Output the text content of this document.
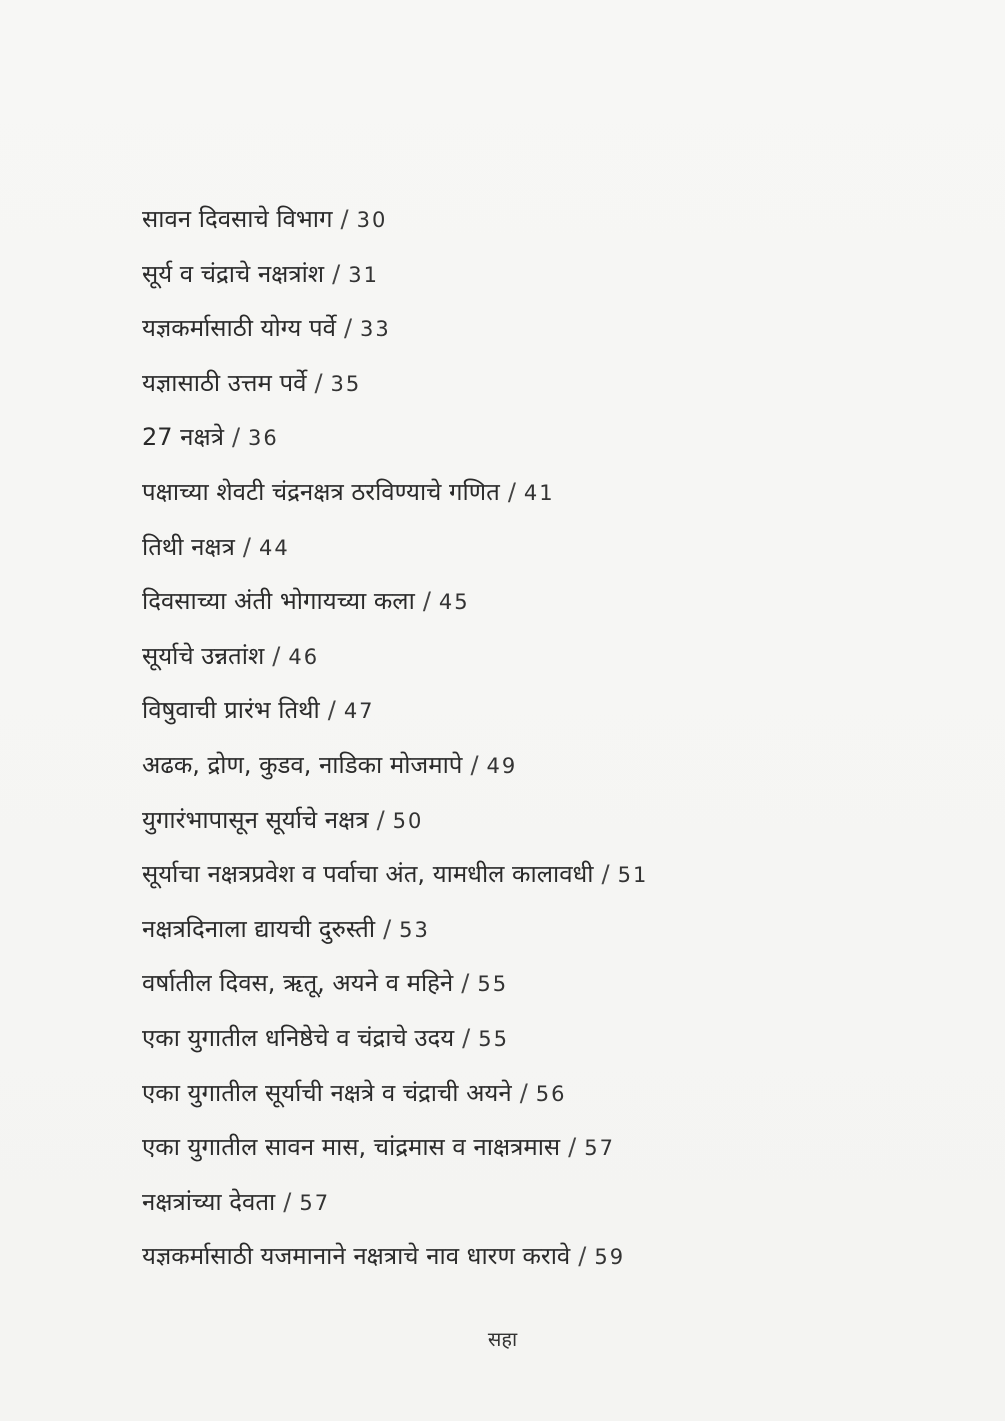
सावन दिवसाचे विभाग / 30
सूर्य व चंद्राचे नक्षत्रांश / 31
यज्ञकर्मासाठी योग्य पर्वे / 33
यज्ञासाठी उत्तम पर्वे / 35
27 नक्षत्रे / 36
पक्षाच्या शेवटी चंद्रनक्षत्र ठरविण्याचे गणित / 41
तिथी नक्षत्र / 44
दिवसाच्या अंती भोगायच्या कला / 45
सूर्याचे उन्नतांश / 46
विषुवाची प्रारंभ तिथी / 47
अढक, द्रोण, कुडव, नाडिका मोजमापे / 49
युगारंभापासून सूर्याचे नक्षत्र / 50
सूर्याचा नक्षत्रप्रवेश व पर्वाचा अंत, यामधील कालावधी / 51
नक्षत्रदिनाला द्यायची दुरुस्ती / 53
वर्षातील दिवस, ऋतू, अयने व महिने / 55
एका युगातील धनिष्ठेचे व चंद्राचे उदय / 55
एका युगातील सूर्याची नक्षत्रे व चंद्राची अयने / 56
एका युगातील सावन मास, चांद्रमास व नाक्षत्रमास / 57
नक्षत्रांच्या देवता / 57
यज्ञकर्मासाठी यजमानाने नक्षत्राचे नाव धारण करावे / 59
सहा
